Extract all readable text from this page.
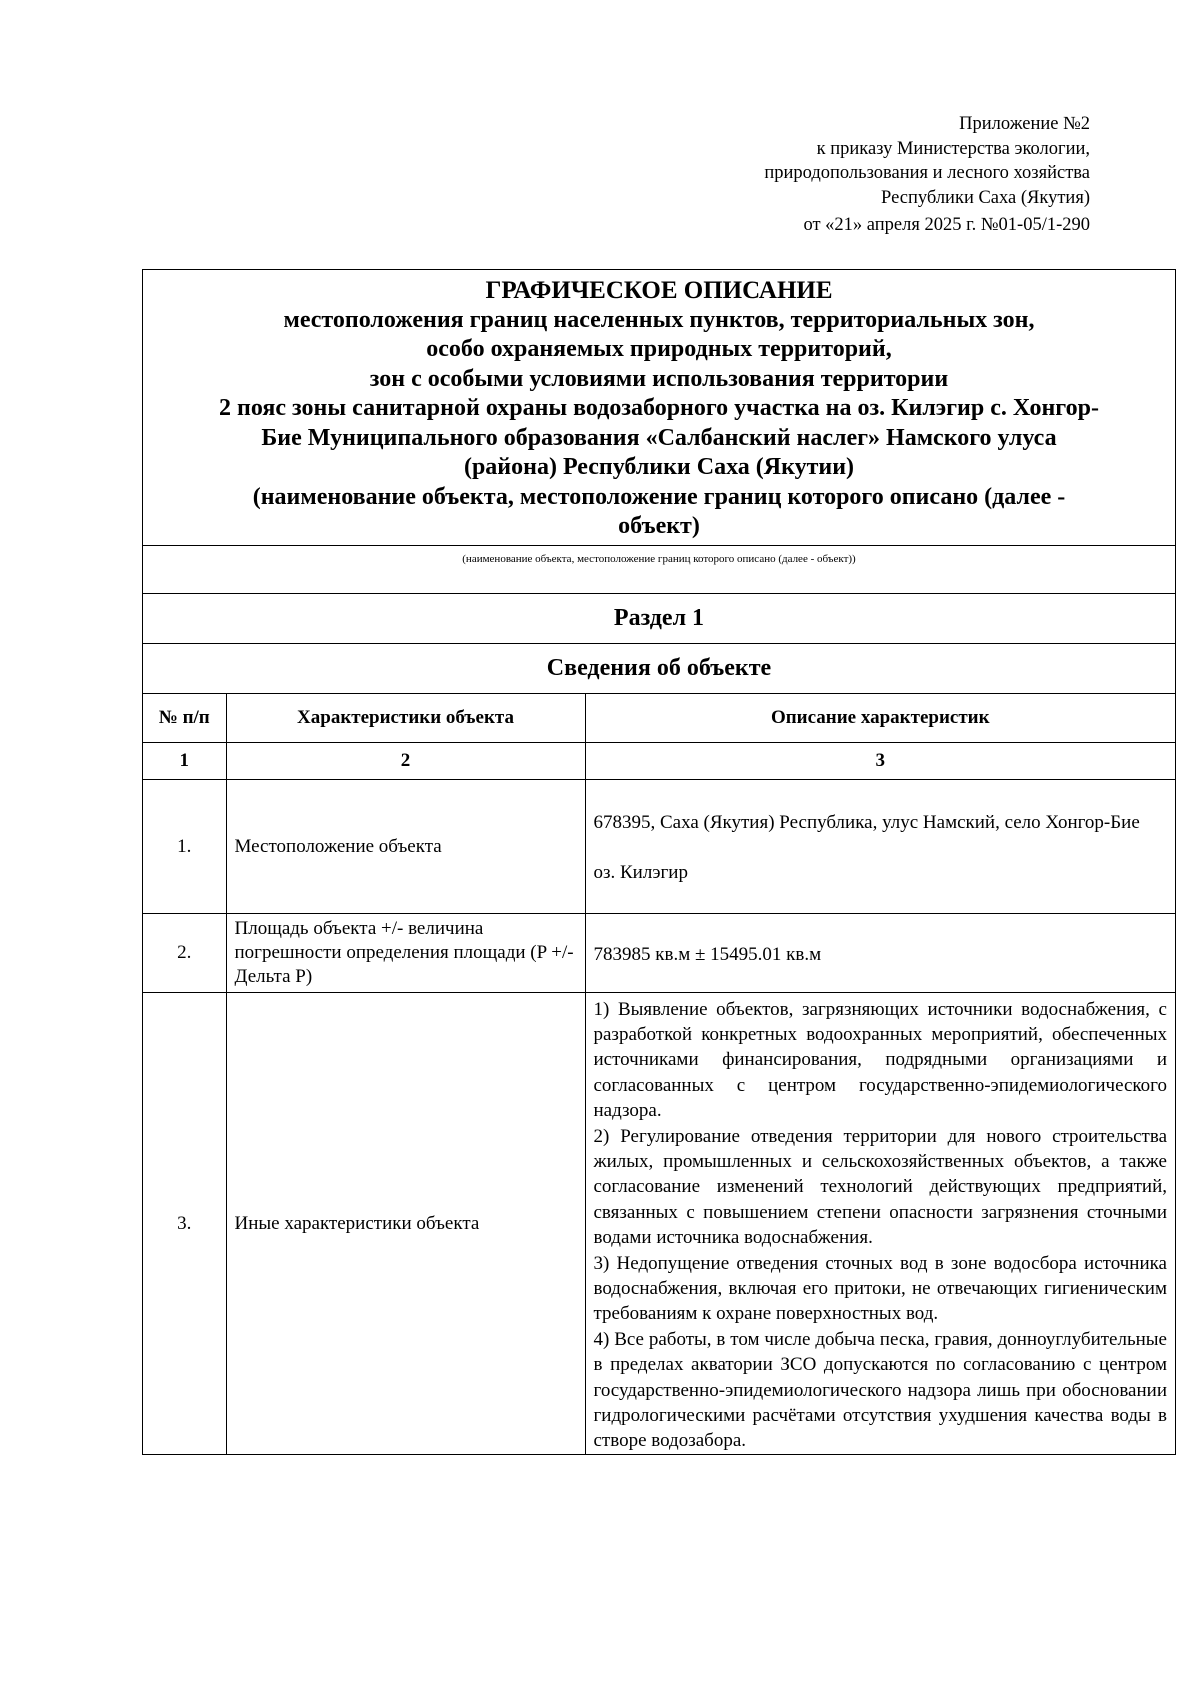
Приложение №2
к приказу Министерства экологии,
природопользования и лесного хозяйства
Республики Саха (Якутия)
от «21» апреля 2025 г. №01-05/1-290
ГРАФИЧЕСКОЕ ОПИСАНИЕ
местоположения границ населенных пунктов, территориальных зон,
особо охраняемых природных территорий,
зон с особыми условиями использования территории
2 пояс зоны санитарной охраны водозаборного участка на оз. Килэгир с. Хонгор-
Бие Муниципального образования «Салбанский наслег» Намского улуса
(района) Республики Саха (Якутии)
(наименование объекта, местоположение границ которого описано (далее -
объект)
(наименование объекта, местоположение границ которого описано (далее - объект))
Раздел 1
Сведения об объекте
№ п/п	Характеристики объекта	Описание характеристик
1	2	3
1.	Местоположение объекта	678395, Саха (Якутия) Республика, улус Намский, село Хонгор-Бие

оз. Килэгир

2.	Площадь объекта +/- величина погрешности определения площади (P +/- Дельта P)	783985 кв.м ± 15495.01 кв.м
3.	Иные характеристики объекта	1) Выявление объектов, загрязняющих источники водоснабжения, с разработкой конкретных водоохранных мероприятий, обеспеченных источниками финансирования, подрядными организациями и согласованных с центром государственно-эпидемиологического надзора.
2) Регулирование отведения территории для нового строительства жилых, промышленных и сельскохозяйственных объектов, а также согласование изменений технологий действующих предприятий, связанных с повышением степени опасности загрязнения сточными водами источника водоснабжения.
3) Недопущение отведения сточных вод в зоне водосбора источника водоснабжения, включая его притоки, не отвечающих гигиеническим требованиям к охране поверхностных вод.
4) Все работы, в том числе добыча песка, гравия, донноуглубительные в пределах акватории ЗСО допускаются по согласованию с центром государственно-эпидемиологического надзора лишь при обосновании гидрологическими расчётами отсутствия ухудшения качества воды в створе водозабора.
